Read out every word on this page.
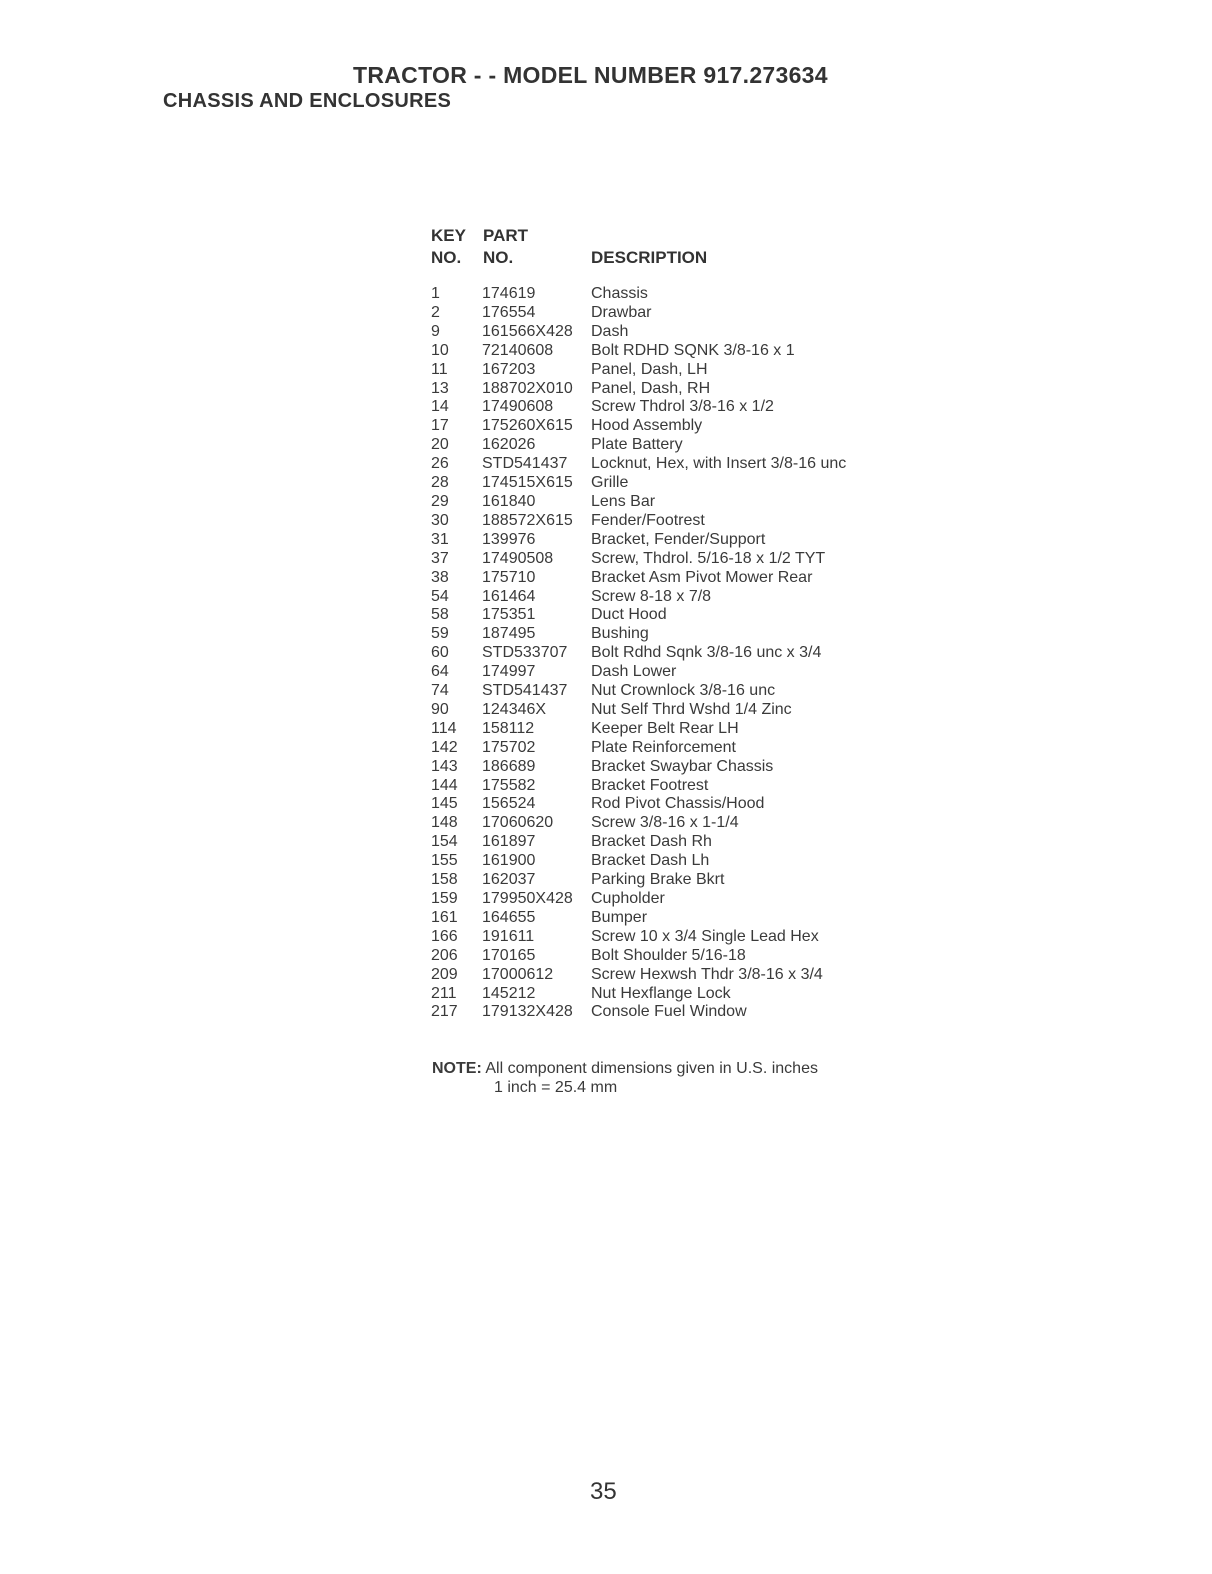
TRACTOR - - MODEL NUMBER 917.273634
CHASSIS AND ENCLOSURES
KEY PART
NO. NO.	DESCRIPTION
1	174619	Chassis
2	176554	Drawbar
9	161566X428 Dash
10 72140608 Bolt RDHD SQNK 3/8-16 x 1
11 167203	Panel, Dash, LH
13 188702X010 Panel, Dash, RH
14 17490608 Screw Thdrol 3/8-16 x 1/2
17 175260X615 Hood Assembly
20 162026	Plate Battery
26 STD541437 Locknut, Hex, with Insert 3/8-16 unc
28 174515X615 Grille
29 161840	Lens Bar
30 188572X615 Fender/Footrest
31 139976	Bracket, Fender/Support
37 17490508 Screw, Thdrol. 5/16-18 x 1/2 TYT
38 175710	Bracket Asm Pivot Mower Rear
54 161464	Screw 8-18 x 7/8
58 175351	Duct Hood
59 187495	Bushing
60 STD533707 Bolt Rdhd Sqnk 3/8-16 unc x 3/4
64 174997	Dash Lower
74 STD541437 Nut Crownlock 3/8-16 unc
90 124346X	Nut Self Thrd Wshd 1/4 Zinc
114 158112	Keeper Belt Rear LH
142 175702	Plate Reinforcement
143 186689	Bracket Swaybar Chassis
144 175582	Bracket Footrest
145 156524	Rod Pivot Chassis/Hood
148 17060620 Screw 3/8-16 x 1-1/4
154 161897	Bracket Dash Rh
155 161900	Bracket Dash Lh
158 162037	Parking Brake Bkrt
159 179950X428 Cupholder
161 164655	Bumper
166 191611	Screw 10 x 3/4 Single Lead Hex
206 170165	Bolt Shoulder 5/16-18
209 17000612 Screw Hexwsh Thdr 3/8-16 x 3/4
211 145212	Nut Hexflange Lock
217 179132X428 Console Fuel Window
NOTE: All component dimensions given in U.S. inches
1 inch = 25.4 mm
35
